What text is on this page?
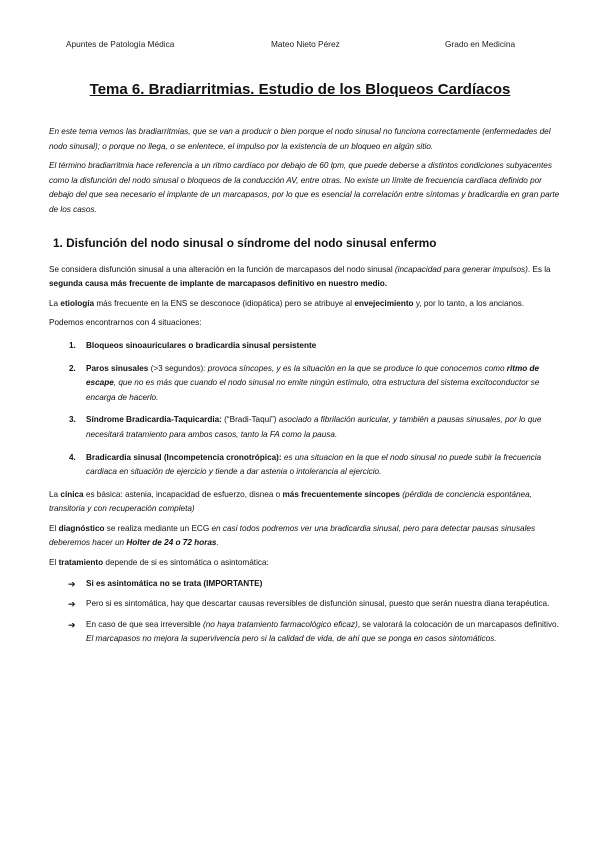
Apuntes de Patología Médica	Mateo Nieto Pérez	Grado en Medicina
Tema 6. Bradiarritmias. Estudio de los Bloqueos Cardíacos

En este tema vemos las bradiarritmias, que se van a producir o bien porque el nodo sinusal no funciona correctamente (enfermedades del nodo sinusal); o porque no llega, o se enlentece, el impulso por la existencia de un bloqueo en algún sitio.

El término bradiarritmia hace referencia a un ritmo cardíaco por debajo de 60 lpm, que puede deberse a distintos condiciones subyacentes como la disfunción del nodo sinusal o bloqueos de la conducción AV, entre otras. No existe un límite de frecuencia cardíaca definido por debajo del que sea necesario el implante de un marcapasos, por lo que es esencial la correlación entre síntomas y bradicardia en gran parte de los casos.

1. Disfunción del nodo sinusal o síndrome del nodo sinusal enfermo

Se considera disfunción sinusal a una alteración en la función de marcapasos del nodo sinusal (incapacidad para generar impulsos). Es la segunda causa más frecuente de implante de marcapasos definitivo en nuestro medio.

La etiología más frecuente en la ENS se desconoce (idiopática) pero se atribuye al envejecimiento y, por lo tanto, a los ancianos.

Podemos encontrarnos con 4 situaciones:

1. Bloqueos sinoauriculares o bradicardia sinusal persistente
2. Paros sinusales (>3 segundos): provoca síncopes, y es la situación en la que se produce lo que conocemos como ritmo de escape, que no es más que cuando el nodo sinusal no emite ningún estímulo, otra estructura del sistema excitoconductor se encarga de hacerlo.
3. Síndrome Bradicardia-Taquicardia: (“Bradi-Taqui”) asociado a fibrilación auricular, y también a pausas sinusales, por lo que necesitará tratamiento para ambos casos, tanto la FA como la pausa.
4. Bradicardia sinusal (Incompetencia cronotrópica): es una situacion en la que el nodo sinusal no puede subir la frecuencia cardiaca en situación de ejercicio y tiende a dar astenia o intolerancia al ejercicio.

La cínica es básica: astenia, incapacidad de esfuerzo, disnea o más frecuentemente síncopes (pérdida de conciencia espontánea, transitoria y con recuperación completa)

El diagnóstico se realiza mediante un ECG en casi todos podremos ver una bradicardia sinusal, pero para detectar pausas sinusales deberemos hacer un Holter de 24 o 72 horas.

El tratamiento depende de si es sintomática o asintomática:

➔ Si es asintomática no se trata (IMPORTANTE)
➔ Pero si es sintomática, hay que descartar causas reversibles de disfunción sinusal, puesto que serán nuestra diana terapéutica.
➔ En caso de que sea irreversible (no haya tratamiento farmacológico eficaz), se valorará la colocación de un marcapasos definitivo. El marcapasos no mejora la supervivencia pero si la calidad de vida, de ahí que se ponga en casos sintomáticos.
